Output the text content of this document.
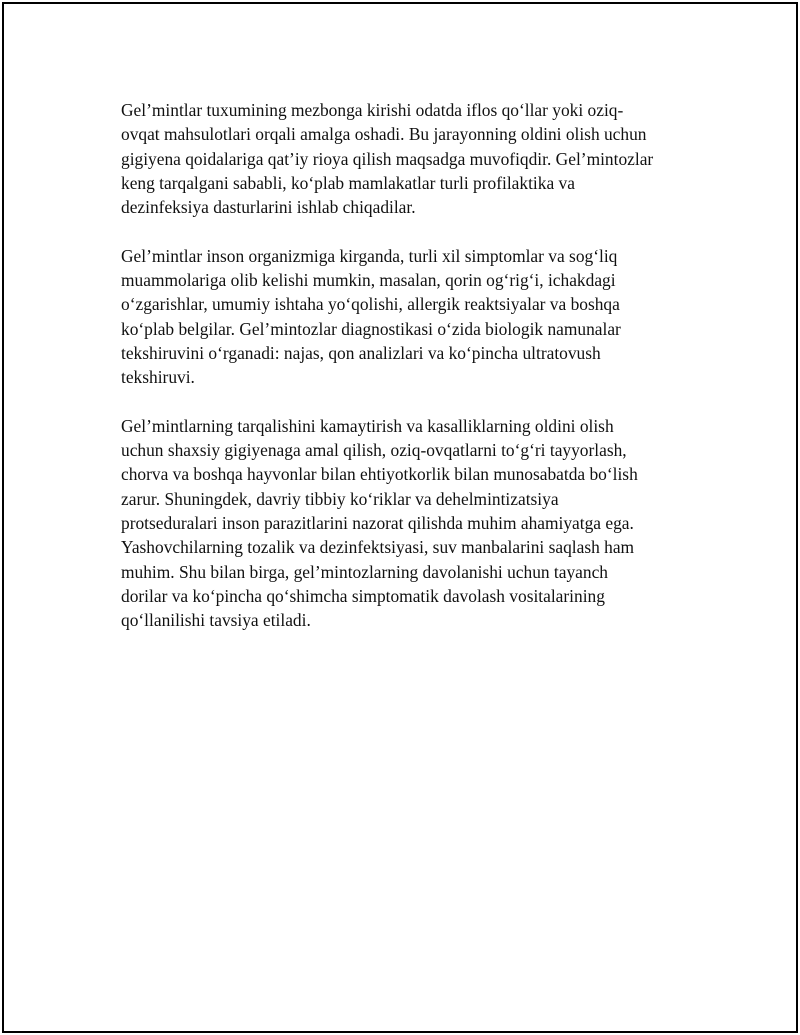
Gel’mintlar tuxumining mezbonga kirishi odatda iflos qo‘llar yoki oziq-
ovqat mahsulotlari orqali amalga oshadi. Bu jarayonning oldini olish uchun
gigiyena qoidalariga qat’iy rioya qilish maqsadga muvofiqdir. Gel’mintozlar
keng tarqalgani sababli, ko‘plab mamlakatlar turli profilaktika va
dezinfeksiya dasturlarini ishlab chiqadilar.

Gel’mintlar inson organizmiga kirganda, turli xil simptomlar va sog‘liq
muammolariga olib kelishi mumkin, masalan, qorin og‘rig‘i, ichakdagi
o‘zgarishlar, umumiy ishtaha yo‘qolishi, allergik reaktsiyalar va boshqa
ko‘plab belgilar. Gel’mintozlar diagnostikasi o‘zida biologik namunalar
tekshiruvini o‘rganadi: najas, qon analizlari va ko‘pincha ultratovush
tekshiruvi.

Gel’mintlarning tarqalishini kamaytirish va kasalliklarning oldini olish
uchun shaxsiy gigiyenaga amal qilish, oziq-ovqatlarni to‘g‘ri tayyorlash,
chorva va boshqa hayvonlar bilan ehtiyotkorlik bilan munosabatda bo‘lish
zarur. Shuningdek, davriy tibbiy ko‘riklar va dehelmintizatsiya
protseduralari inson parazitlarini nazorat qilishda muhim ahamiyatga ega.
Yashovchilarning tozalik va dezinfektsiyasi, suv manbalarini saqlash ham
muhim. Shu bilan birga, gel’mintozlarning davolanishi uchun tayanch
dorilar va ko‘pincha qo‘shimcha simptomatik davolash vositalarining
qo‘llanilishi tavsiya etiladi.
